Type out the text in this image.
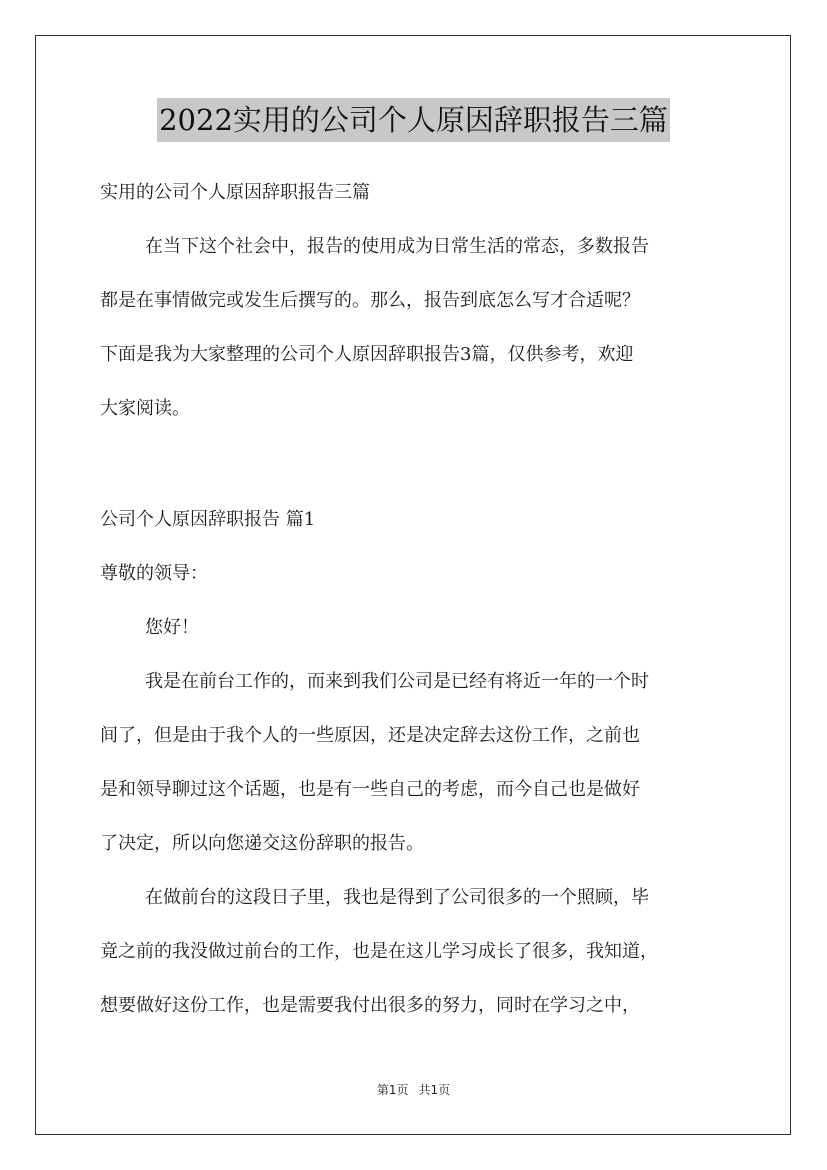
2022实用的公司个人原因辞职报告三篇
实用的公司个人原因辞职报告三篇
在当下这个社会中，报告的使用成为日常生活的常态，多数报告
都是在事情做完或发生后撰写的。那么，报告到底怎么写才合适呢？
下面是我为大家整理的公司个人原因辞职报告3篇，仅供参考，欢迎
大家阅读。
公司个人原因辞职报告 篇1
尊敬的领导：
您好！
我是在前台工作的，而来到我们公司是已经有将近一年的一个时
间了，但是由于我个人的一些原因，还是决定辞去这份工作，之前也
是和领导聊过这个话题，也是有一些自己的考虑，而今自己也是做好
了决定，所以向您递交这份辞职的报告。
在做前台的这段日子里，我也是得到了公司很多的一个照顾，毕
竟之前的我没做过前台的工作，也是在这儿学习成长了很多，我知道，
想要做好这份工作，也是需要我付出很多的努力，同时在学习之中，
第1页 共1页
